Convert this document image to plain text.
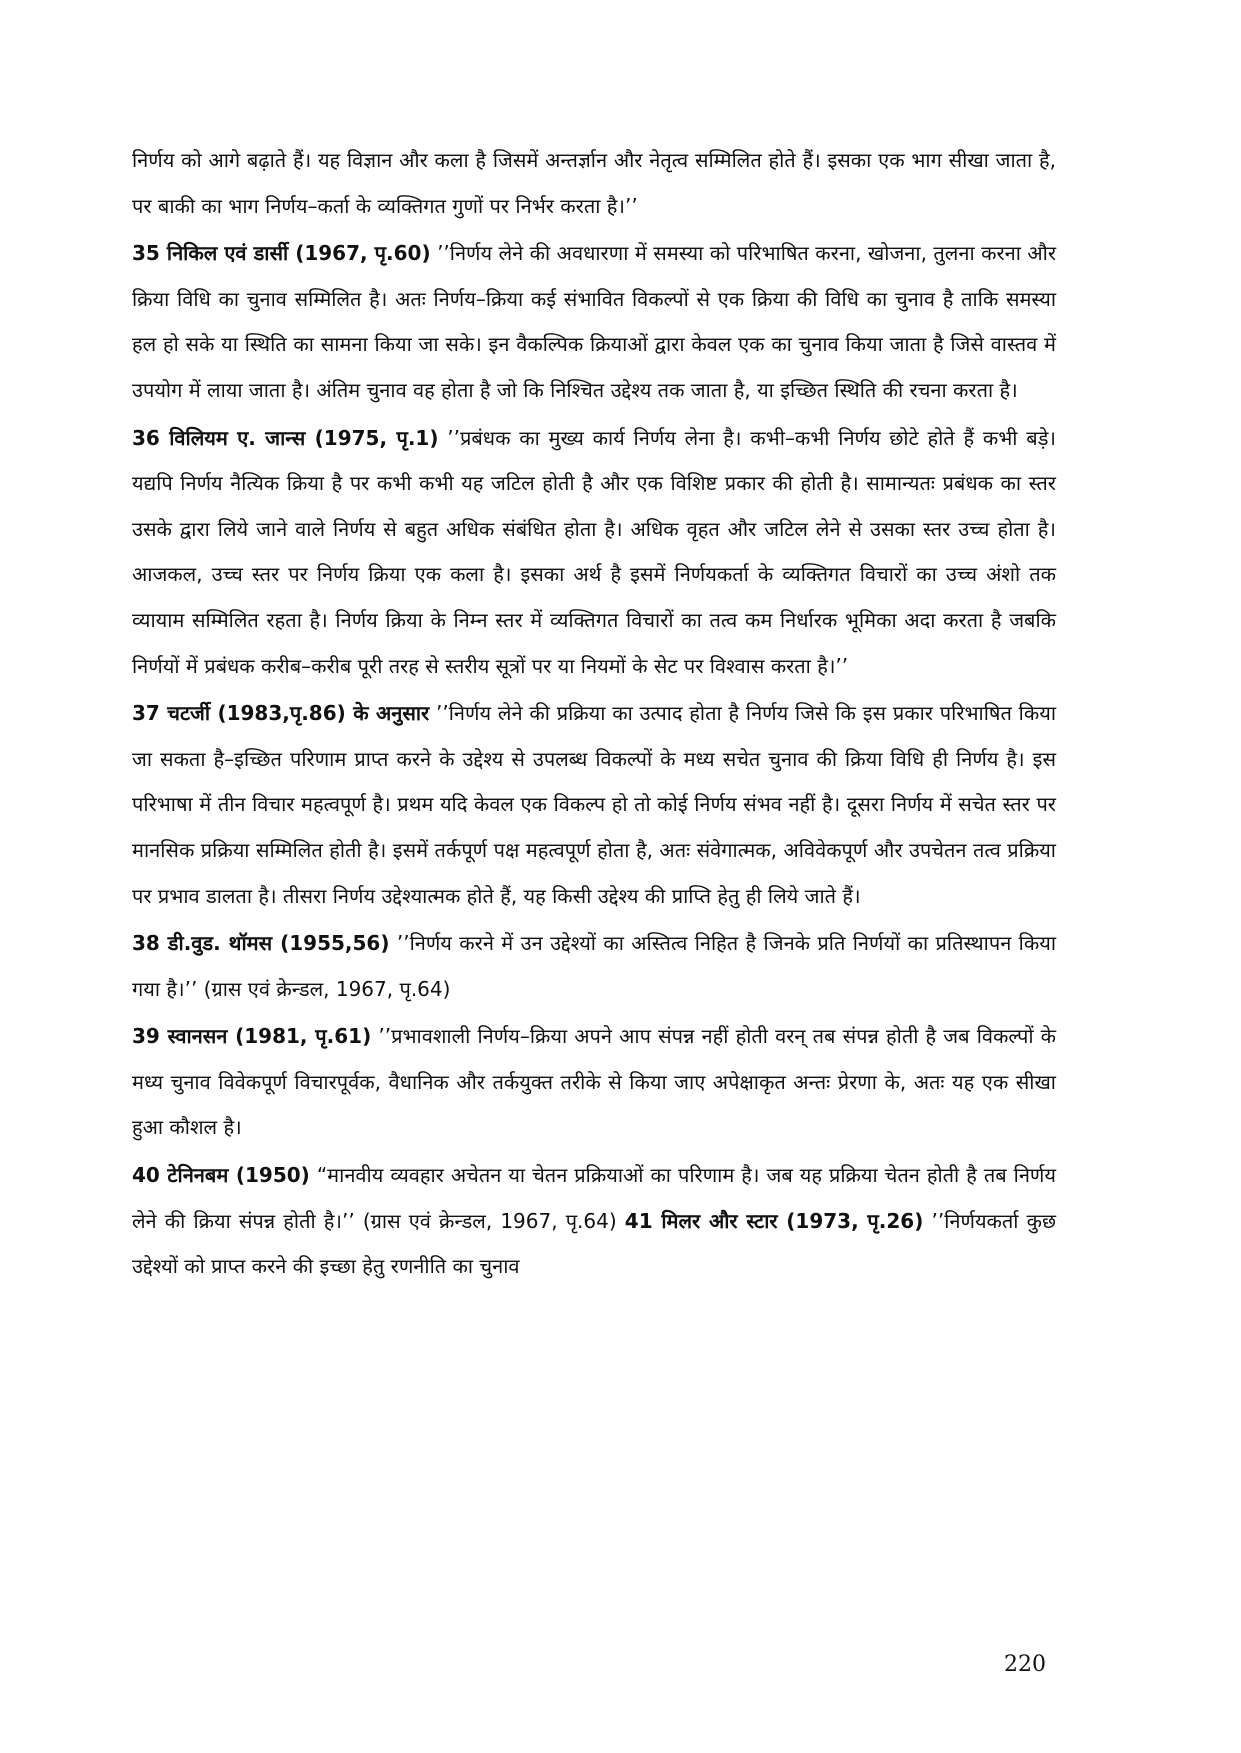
निर्णय को आगे बढ़ाते हैं। यह विज्ञान और कला है जिसमें अन्तर्ज्ञान और नेतृत्व सम्मिलित होते हैं। इसका एक भाग सीखा जाता है, पर बाकी का भाग निर्णय–कर्ता के व्यक्तिगत गुणों पर निर्भर करता है।’’

35 निकिल एवं डार्सी (1967, पृ.60) ’’निर्णय लेने की अवधारणा में समस्या को परिभाषित करना, खोजना, तुलना करना और क्रिया विधि का चुनाव सम्मिलित है। अतः निर्णय–क्रिया कई संभावित विकल्पों से एक क्रिया की विधि का चुनाव है ताकि समस्या हल हो सके या स्थिति का सामना किया जा सके। इन वैकल्पिक क्रियाओं द्वारा केवल एक का चुनाव किया जाता है जिसे वास्तव में उपयोग में लाया जाता है। अंतिम चुनाव वह होता है जो कि निश्चित उद्देश्य तक जाता है, या इच्छित स्थिति की रचना करता है।

36 विलियम ए. जान्स (1975, पृ.1) ’’प्रबंधक का मुख्य कार्य निर्णय लेना है। कभी–कभी निर्णय छोटे होते हैं कभी बड़े। यद्यपि निर्णय नैत्यिक क्रिया है पर कभी कभी यह जटिल होती है और एक विशिष्ट प्रकार की होती है। सामान्यतः प्रबंधक का स्तर उसके द्वारा लिये जाने वाले निर्णय से बहुत अधिक संबंधित होता है। अधिक वृहत और जटिल लेने से उसका स्तर उच्च होता है। आजकल, उच्च स्तर पर निर्णय क्रिया एक कला है। इसका अर्थ है इसमें निर्णयकर्ता के व्यक्तिगत विचारों का उच्च अंशो तक व्यायाम सम्मिलित रहता है। निर्णय क्रिया के निम्न स्तर में व्यक्तिगत विचारों का तत्व कम निर्धारक भूमिका अदा करता है जबकि निर्णयों में प्रबंधक करीब–करीब पूरी तरह से स्तरीय सूत्रों पर या नियमों के सेट पर विश्वास करता है।’’

37 चटर्जी (1983,पृ.86) के अनुसार ’’निर्णय लेने की प्रक्रिया का उत्पाद होता है निर्णय जिसे कि इस प्रकार परिभाषित किया जा सकता है–इच्छित परिणाम प्राप्त करने के उद्देश्य से उपलब्ध विकल्पों के मध्य सचेत चुनाव की क्रिया विधि ही निर्णय है। इस परिभाषा में तीन विचार महत्वपूर्ण है। प्रथम यदि केवल एक विकल्प हो तो कोई निर्णय संभव नहीं है। दूसरा निर्णय में सचेत स्तर पर मानसिक प्रक्रिया सम्मिलित होती है। इसमें तर्कपूर्ण पक्ष महत्वपूर्ण होता है, अतः संवेगात्मक, अविवेकपूर्ण और उपचेतन तत्व प्रक्रिया पर प्रभाव डालता है। तीसरा निर्णय उद्देश्यात्मक होते हैं, यह किसी उद्देश्य की प्राप्ति हेतु ही लिये जाते हैं।

38 डी.वुड. थॉमस (1955,56) ’’निर्णय करने में उन उद्देश्यों का अस्तित्व निहित है जिनके प्रति निर्णयों का प्रतिस्थापन किया गया है।’’ (ग्रास एवं क्रेन्डल, 1967, पृ.64)

39 स्वानसन (1981, पृ.61) ’’प्रभावशाली निर्णय–क्रिया अपने आप संपन्न नहीं होती वरन् तब संपन्न होती है जब विकल्पों के मध्य चुनाव विवेकपूर्ण विचारपूर्वक, वैधानिक और तर्कयुक्त तरीके से किया जाए अपेक्षाकृत अन्तः प्रेरणा के, अतः यह एक सीखा हुआ कौशल है।

40 टेनिनबम (1950) “मानवीय व्यवहार अचेतन या चेतन प्रक्रियाओं का परिणाम है। जब यह प्रक्रिया चेतन होती है तब निर्णय लेने की क्रिया संपन्न होती है।’’ (ग्रास एवं क्रेन्डल, 1967, पृ.64) 41 मिलर और स्टार (1973, पृ.26) ’’निर्णयकर्ता कुछ उद्देश्यों को प्राप्त करने की इच्छा हेतु रणनीति का चुनाव

220
